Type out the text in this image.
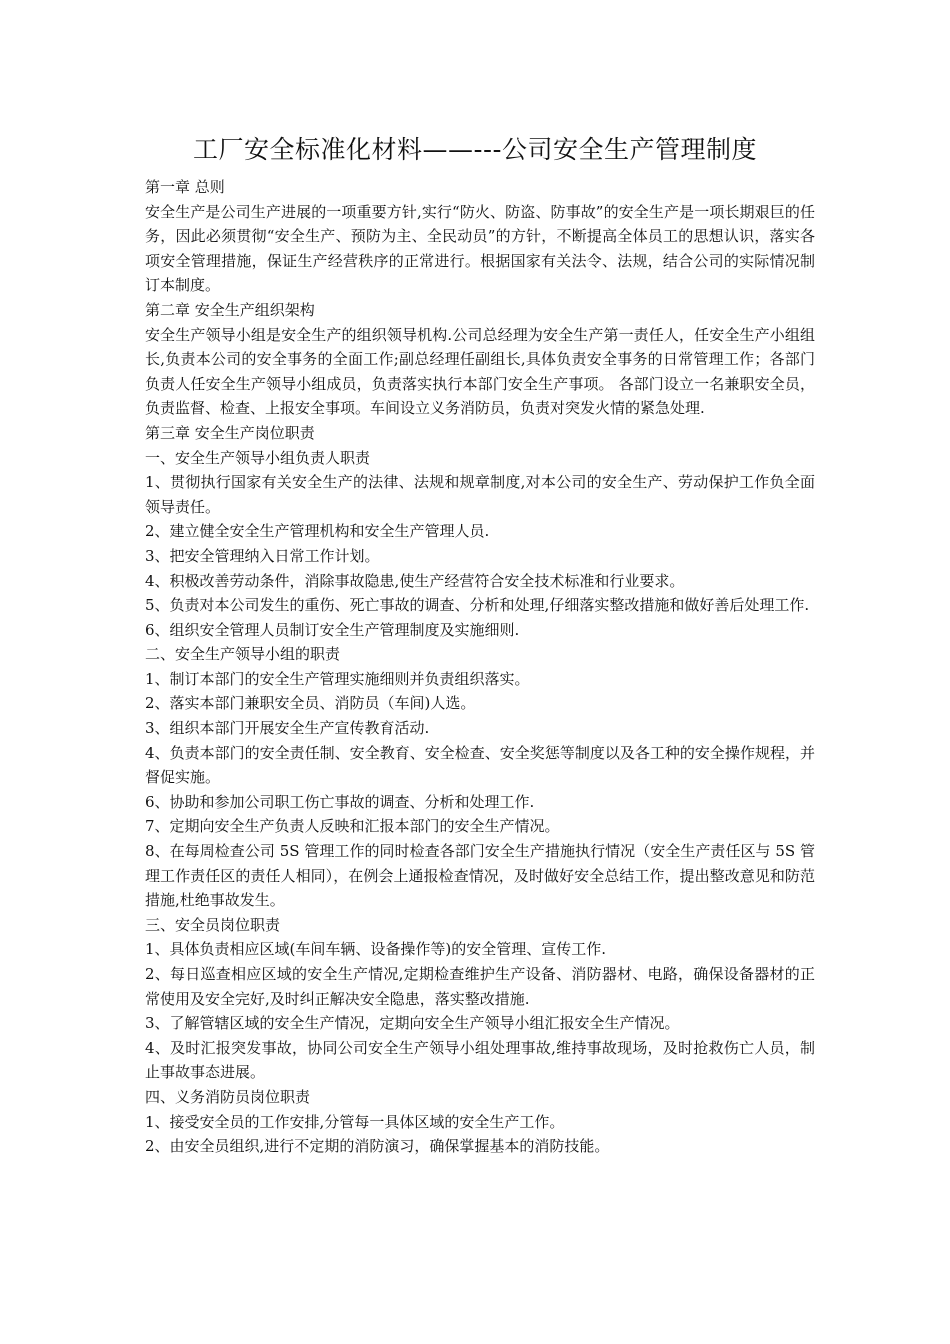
工厂安全标准化材料——---公司安全生产管理制度

第一章 总则

安全生产是公司生产进展的一项重要方针,实行“防火、防盗、防事故”的安全生产是一项长期艰巨的任务，因此必须贯彻“安全生产、预防为主、全民动员”的方针，不断提高全体员工的思想认识，落实各项安全管理措施，保证生产经营秩序的正常进行。根据国家有关法令、法规，结合公司的实际情况制订本制度。

第二章 安全生产组织架构

安全生产领导小组是安全生产的组织领导机构.公司总经理为安全生产第一责任人，任安全生产小组组长,负责本公司的安全事务的全面工作;副总经理任副组长,具体负责安全事务的日常管理工作；各部门负责人任安全生产领导小组成员，负责落实执行本部门安全生产事项。 各部门设立一名兼职安全员，负责监督、检查、上报安全事项。车间设立义务消防员，负责对突发火情的紧急处理.

第三章 安全生产岗位职责

一、安全生产领导小组负责人职责

1、贯彻执行国家有关安全生产的法律、法规和规章制度,对本公司的安全生产、劳动保护工作负全面领导责任。

2、建立健全安全生产管理机构和安全生产管理人员.

3、把安全管理纳入日常工作计划。

4、积极改善劳动条件，消除事故隐患,使生产经营符合安全技术标准和行业要求。

5、负责对本公司发生的重伤、死亡事故的调查、分析和处理,仔细落实整改措施和做好善后处理工作.

6、组织安全管理人员制订安全生产管理制度及实施细则.

二、安全生产领导小组的职责

1、制订本部门的安全生产管理实施细则并负责组织落实。

2、落实本部门兼职安全员、消防员（车间)人选。

3、组织本部门开展安全生产宣传教育活动.

4、负责本部门的安全责任制、安全教育、安全检查、安全奖惩等制度以及各工种的安全操作规程，并督促实施。

6、协助和参加公司职工伤亡事故的调查、分析和处理工作.

7、定期向安全生产负责人反映和汇报本部门的安全生产情况。

8、在每周检查公司 5S 管理工作的同时检查各部门安全生产措施执行情况（安全生产责任区与 5S 管理工作责任区的责任人相同），在例会上通报检查情况，及时做好安全总结工作，提出整改意见和防范措施,杜绝事故发生。

三、安全员岗位职责

1、具体负责相应区域(车间车辆、设备操作等)的安全管理、宣传工作.

2、每日巡查相应区域的安全生产情况,定期检查维护生产设备、消防器材、电路，确保设备器材的正常使用及安全完好,及时纠正解决安全隐患，落实整改措施.

3、了解管辖区域的安全生产情况，定期向安全生产领导小组汇报安全生产情况。

4、及时汇报突发事故，协同公司安全生产领导小组处理事故,维持事故现场，及时抢救伤亡人员，制止事故事态进展。

四、义务消防员岗位职责

1、接受安全员的工作安排,分管每一具体区域的安全生产工作。

2、由安全员组织,进行不定期的消防演习，确保掌握基本的消防技能。
